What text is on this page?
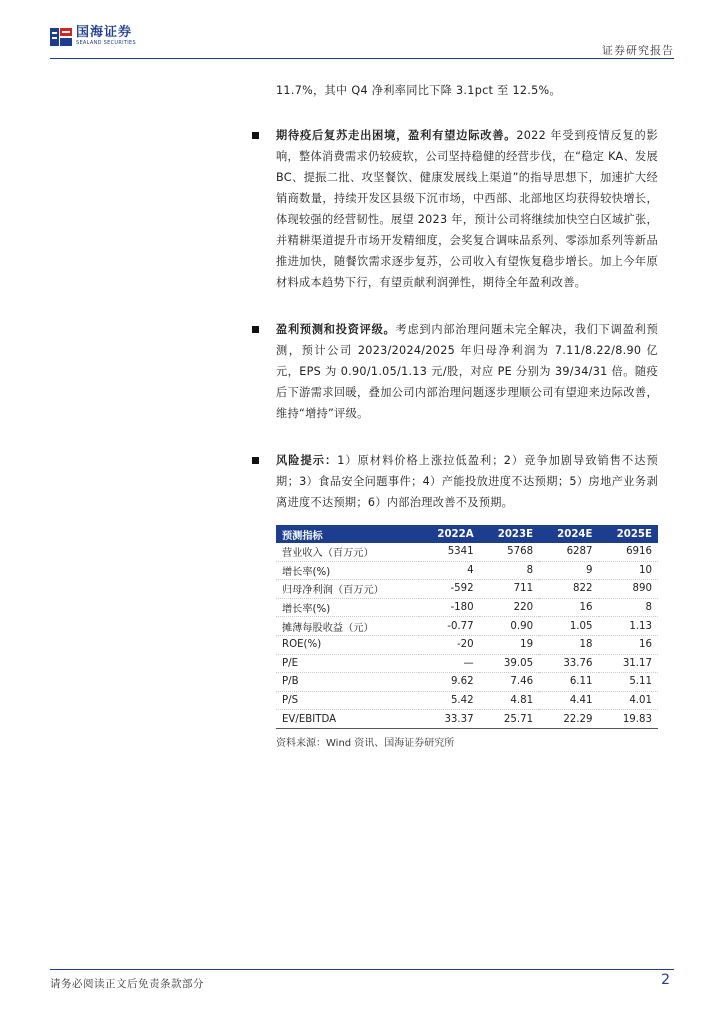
国海证券
SEALAND SECURITIES
证券研究报告
11.7%，其中 Q4 净利率同比下降 3.1pct 至 12.5%。
期待疫后复苏走出困境，盈利有望边际改善。2022 年受到疫情反复的影响，整体消费需求仍较疲软，公司坚持稳健的经营步伐，在“稳定 KA、发展 BC、提振二批、攻坚餐饮、健康发展线上渠道”的指导思想下，加速扩大经销商数量，持续开发区县级下沉市场，中西部、北部地区均获得较快增长，体现较强的经营韧性。展望 2023 年，预计公司将继续加快空白区域扩张，并精耕渠道提升市场开发精细度，会奖复合调味品系列、零添加系列等新品推进加快，随餐饮需求逐步复苏，公司收入有望恢复稳步增长。加上今年原材料成本趋势下行，有望贡献利润弹性，期待全年盈利改善。
盈利预测和投资评级。考虑到内部治理问题未完全解决，我们下调盈利预测，预计公司 2023/2024/2025 年归母净利润为 7.11/8.22/8.90 亿元，EPS 为 0.90/1.05/1.13 元/股，对应 PE 分别为 39/34/31 倍。随疫后下游需求回暖，叠加公司内部治理问题逐步理顺公司有望迎来边际改善，维持“增持”评级。
风险提示：1）原材料价格上涨拉低盈利；2）竞争加剧导致销售不达预期；3）食品安全问题事件；4）产能投放进度不达预期；5）房地产业务剥离进度不达预期；6）内部治理改善不及预期。
预测指标	2022A	2023E	2024E	2025E
营业收入（百万元）	5341	5768	6287	6916
增长率(%)	4	8	9	10
归母净利润（百万元）	-592	711	822	890
增长率(%)	-180	220	16	8
摊薄每股收益（元）	-0.77	0.90	1.05	1.13
ROE(%)	-20	19	18	16
P/E	—	39.05	33.76	31.17
P/B	9.62	7.46	6.11	5.11
P/S	5.42	4.81	4.41	4.01
EV/EBITDA	33.37	25.71	22.29	19.83
资料来源：Wind 资讯、国海证券研究所
请务必阅读正文后免责条款部分	2
